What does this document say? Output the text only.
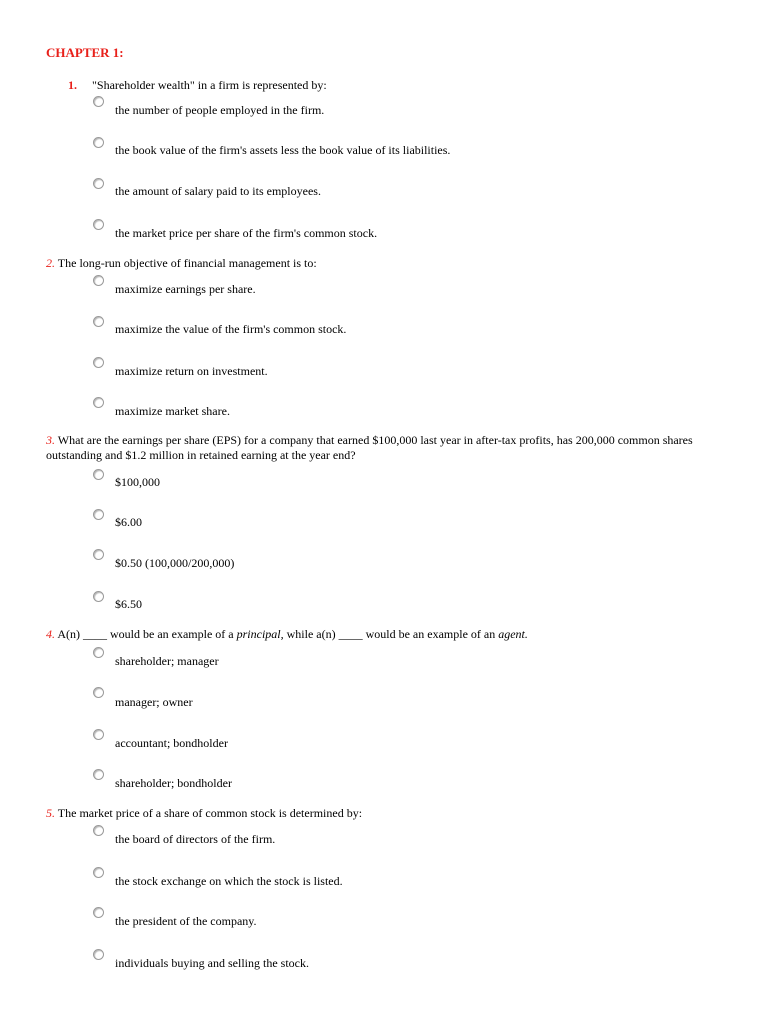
CHAPTER 1:
1. "Shareholder wealth" in a firm is represented by:
the number of people employed in the firm.
the book value of the firm's assets less the book value of its liabilities.
the amount of salary paid to its employees.
the market price per share of the firm's common stock.
2. The long-run objective of financial management is to:
maximize earnings per share.
maximize the value of the firm's common stock.
maximize return on investment.
maximize market share.
3. What are the earnings per share (EPS) for a company that earned $100,000 last year in after-tax profits, has 200,000 common shares outstanding and $1.2 million in retained earning at the year end?
$100,000
$6.00
$0.50 (100,000/200,000)
$6.50
4. A(n) ____ would be an example of a principal, while a(n) ____ would be an example of an agent.
shareholder; manager
manager; owner
accountant; bondholder
shareholder; bondholder
5. The market price of a share of common stock is determined by:
the board of directors of the firm.
the stock exchange on which the stock is listed.
the president of the company.
individuals buying and selling the stock.
